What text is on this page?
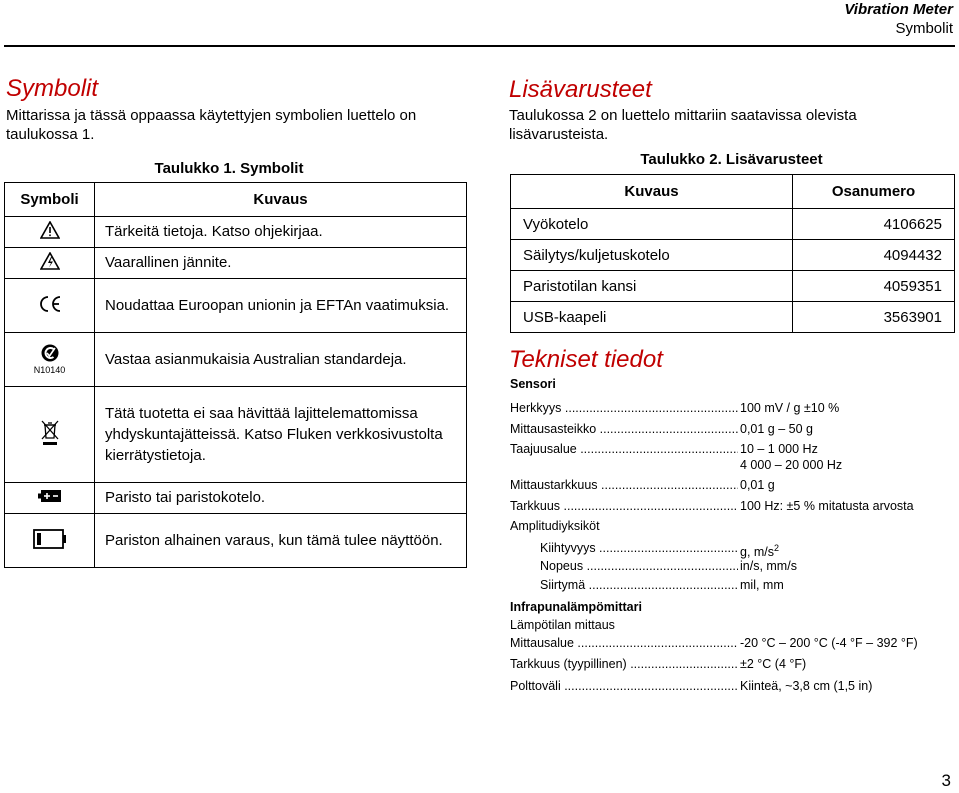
Vibration Meter
Symbolit
Symbolit
Mittarissa ja tässä oppaassa käytettyjen symbolien luettelo on taulukossa 1.
Taulukko 1. Symbolit
Symboli	Kuvaus
	Tärkeitä tietoja. Katso ohjekirjaa.
	Vaarallinen jännite.
	Noudattaa Euroopan unionin ja EFTAn vaatimuksia.

N10140	Vastaa asianmukaisia Australian standardeja.
	Tätä tuotetta ei saa hävittää lajittelemattomissa yhdyskuntajätteissä. Katso Fluken verkkosivustolta kierrätystietoja.
	Paristo tai paristokotelo.
	Pariston alhainen varaus, kun tämä tulee näyttöön.
Lisävarusteet
Taulukossa 2 on luettelo mittariin saatavissa olevista lisävarusteista.
Taulukko 2. Lisävarusteet
Kuvaus	Osanumero
Vyökotelo	4106625
Säilytys/kuljetuskotelo	4094432
Paristotilan kansi	4059351
USB-kaapeli	3563901
Tekniset tiedot
Sensori
Herkkyys .....	100 mV / g ±10 %
Mittausasteikko .....	0,01 g – 50 g
Taajuusalue .....	10 – 1 000 Hz
4 000 – 20 000 Hz
Mittaustarkkuus .....	0,01 g
Tarkkuus .....	100 Hz: ±5 % mitatusta arvosta
Amplitudiyksiköt
Kiihtyvyys .....	g, $m/s^2$
Nopeus .....	in/s, mm/s
Siirtymä .....	mil, mm
Infrapunalämpömittari
Lämpötilan mittaus
Mittausalue .....	-20 °C – 200 °C (-4 °F – 392 °F)
Tarkkuus (tyypillinen) .....	±2 °C (4 °F)
Polttoväli .....	Kiinteä, ~3,8 cm (1,5 in)
3
